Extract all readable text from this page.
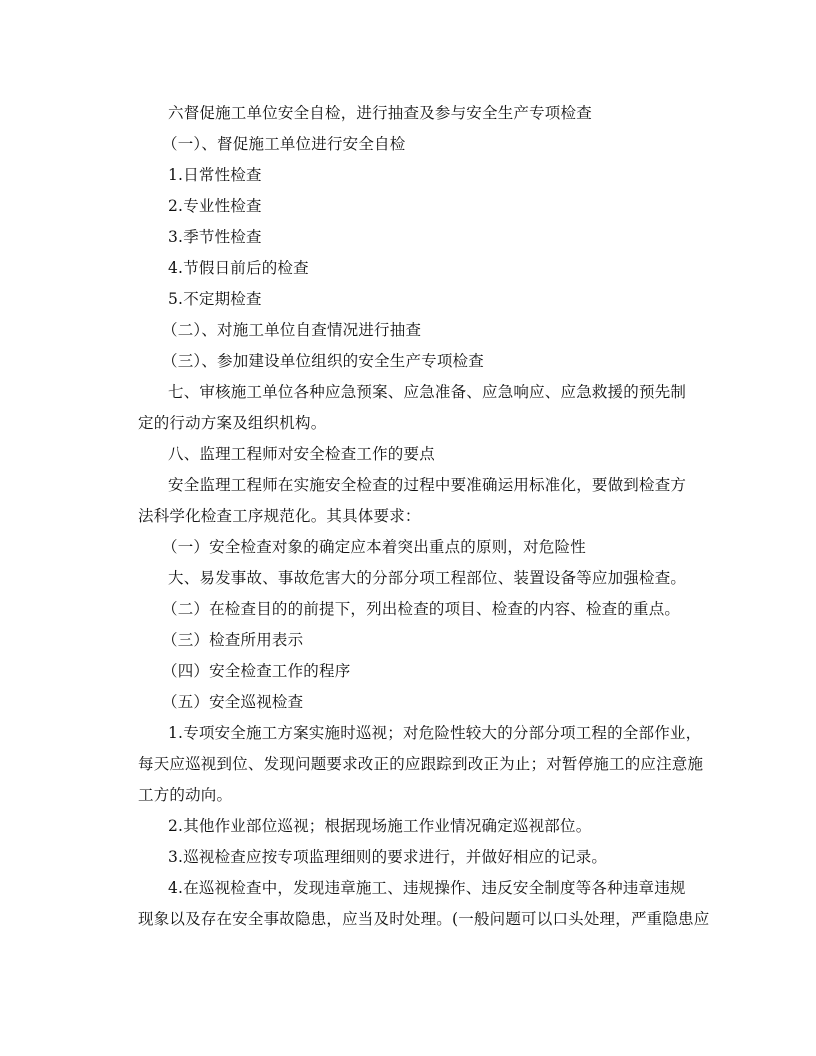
六督促施工单位安全自检，进行抽查及参与安全生产专项检查
（一）、督促施工单位进行安全自检
1.日常性检查
2.专业性检查
3.季节性检查
4.节假日前后的检查
5.不定期检查
（二）、对施工单位自查情况进行抽查
（三）、参加建设单位组织的安全生产专项检查
七、审核施工单位各种应急预案、应急准备、应急响应、应急救援的预先制
定的行动方案及组织机构。
八、监理工程师对安全检查工作的要点
安全监理工程师在实施安全检查的过程中要准确运用标准化，要做到检查方
法科学化检查工序规范化。其具体要求：
（一）安全检查对象的确定应本着突出重点的原则，对危险性
大、易发事故、事故危害大的分部分项工程部位、装置设备等应加强检查。
（二）在检查目的的前提下，列出检查的项目、检查的内容、检查的重点。
（三）检查所用表示
（四）安全检查工作的程序
（五）安全巡视检查
1.专项安全施工方案实施时巡视；对危险性较大的分部分项工程的全部作业，
每天应巡视到位、发现问题要求改正的应跟踪到改正为止；对暂停施工的应注意施
工方的动向。
2.其他作业部位巡视；根据现场施工作业情况确定巡视部位。
3.巡视检查应按专项监理细则的要求进行，并做好相应的记录。
4.在巡视检查中，发现违章施工、违规操作、违反安全制度等各种违章违规
现象以及存在安全事故隐患，应当及时处理。(一般问题可以口头处理，严重隐患应
